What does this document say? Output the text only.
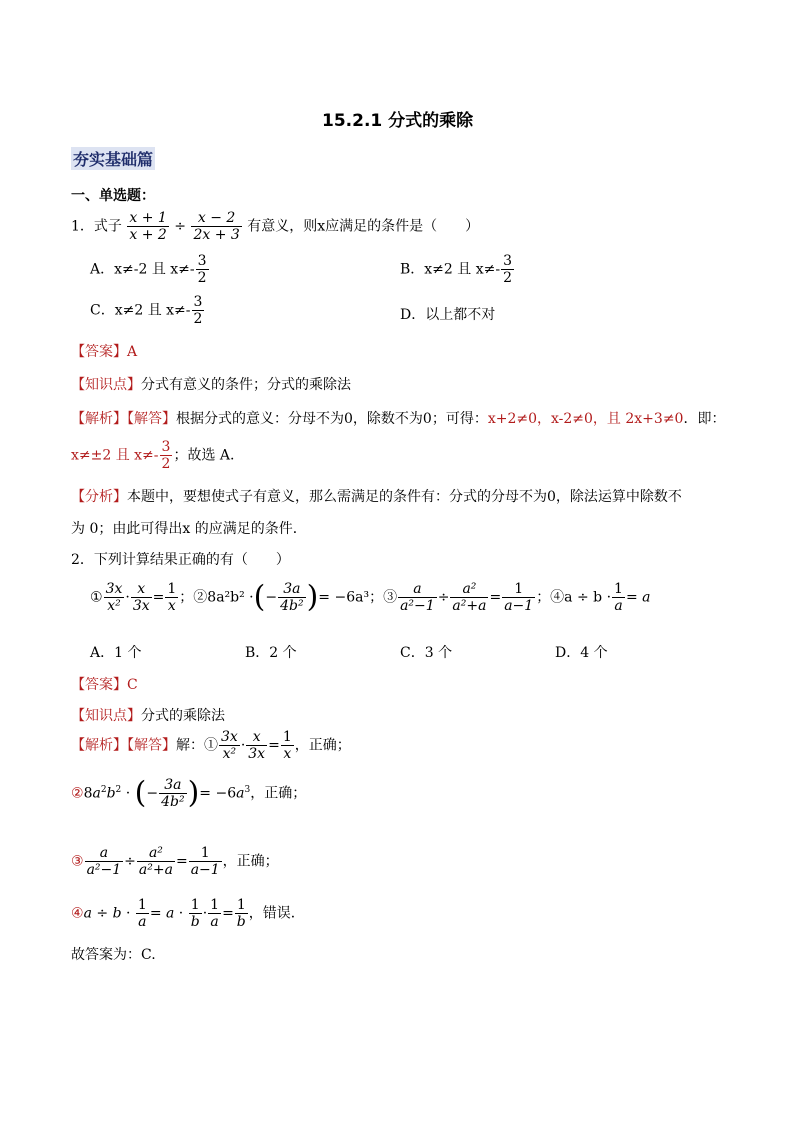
15.2.1 分式的乘除
夯实基础篇
一、单选题：
1．式子 $\frac{x + 1}{x + 2} \div \frac{x - 2}{2x + 3}$ 有意义，则x应满足的条件是（　　）
A．x≠-2 且 $x\ne- \frac{3}{2}$	B．x≠2 且 $x\ne- \frac{3}{2}$
C．x≠2 且 $x\ne- \frac{3}{2}$	D．以上都不对
【答案】A
【知识点】分式有意义的条件；分式的乘除法
【解析】【解答】根据分式的意义：分母不为0，除数不为0；可得：x+2≠0，x-2≠0，且 2x+3≠0．即：
x≠±2 且 $x\ne- \frac{3}{2}$ ；故选 A.
【分析】本题中，要想使式子有意义，那么需满足的条件有：分式的分母不为0，除法运算中除数不
为 0；由此可得出x 的应满足的条件．
2．下列计算结果正确的有（　　）
① $\frac{3x}{\text{x²}} \cdot \frac{x}{3x} = \frac{1}{x}$ ；②8a²b² ·(− $\frac{3a}{\text{4b²}}$ )= −6a³；③ $\frac{a}{\text{a²−1}} \div \frac{\text{a²}}{\text{a²+a}} = \frac{1}{a-1}$ ；④a ÷ $b \cdot \frac{1}{a} = a$
A．1 个	B．2 个	C．3 个	D．4 个
【答案】C
【知识点】分式的乘除法
【解析】【解答】解：① $\frac{3x}{\text{x²}} \cdot \frac{x}{3x} = \frac{1}{x}$ ，正确；
$②8a^2b^2$ · (− $\frac{3a}{\text{4b²}}$ )= $-6a^3$，正确；
③ $\frac{a}{\text{a²−1}} \div \frac{\text{a²}}{\text{a²+a}} = \frac{1}{a-1}$ ，正确；
④a ÷ $b \cdot \frac{1}{a} = a \cdot \frac{1}{b} \cdot \frac{1}{a} = \frac{1}{b}$ ，错误．
故答案为：C.
